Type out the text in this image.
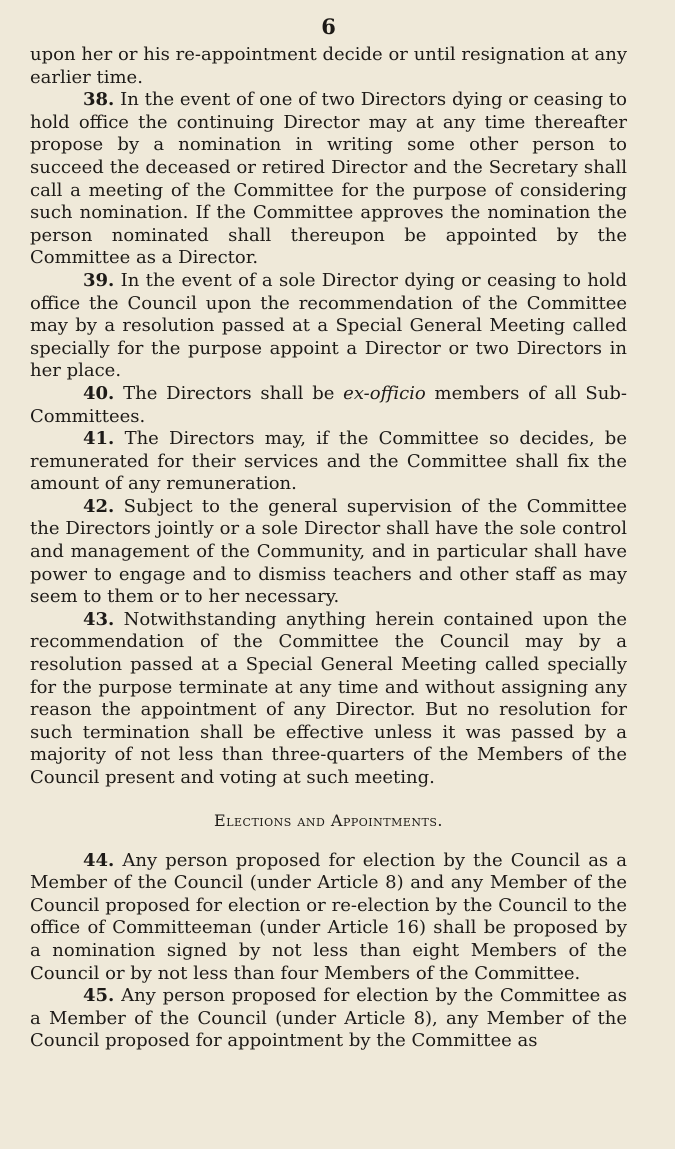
6

upon her or his re-appointment decide or until resignation at any earlier time.

38. In the event of one of two Directors dying or ceasing to hold office the continuing Director may at any time thereafter propose by a nomination in writing some other person to succeed the deceased or retired Director and the Secretary shall call a meeting of the Committee for the purpose of considering such nomination. If the Committee approves the nomination the person nominated shall thereupon be appointed by the Committee as a Director.

39. In the event of a sole Director dying or ceasing to hold office the Council upon the recommendation of the Committee may by a resolution passed at a Special General Meeting called specially for the purpose appoint a Director or two Directors in her place.

40. The Directors shall be ex-officio members of all Sub-Committees.

41. The Directors may, if the Committee so decides, be remunerated for their services and the Committee shall fix the amount of any remuneration.

42. Subject to the general supervision of the Committee the Directors jointly or a sole Director shall have the sole control and management of the Community, and in particular shall have power to engage and to dismiss teachers and other staff as may seem to them or to her necessary.

43. Notwithstanding anything herein contained upon the recommendation of the Committee the Council may by a resolution passed at a Special General Meeting called specially for the purpose terminate at any time and without assigning any reason the appointment of any Director. But no resolution for such termination shall be effective unless it was passed by a majority of not less than three-quarters of the Members of the Council present and voting at such meeting.

Elections and Appointments.

44. Any person proposed for election by the Council as a Member of the Council (under Article 8) and any Member of the Council proposed for election or re-election by the Council to the office of Committeeman (under Article 16) shall be proposed by a nomination signed by not less than eight Members of the Council or by not less than four Members of the Committee.

45. Any person proposed for election by the Committee as a Member of the Council (under Article 8), any Member of the Council proposed for appointment by the Committee as
